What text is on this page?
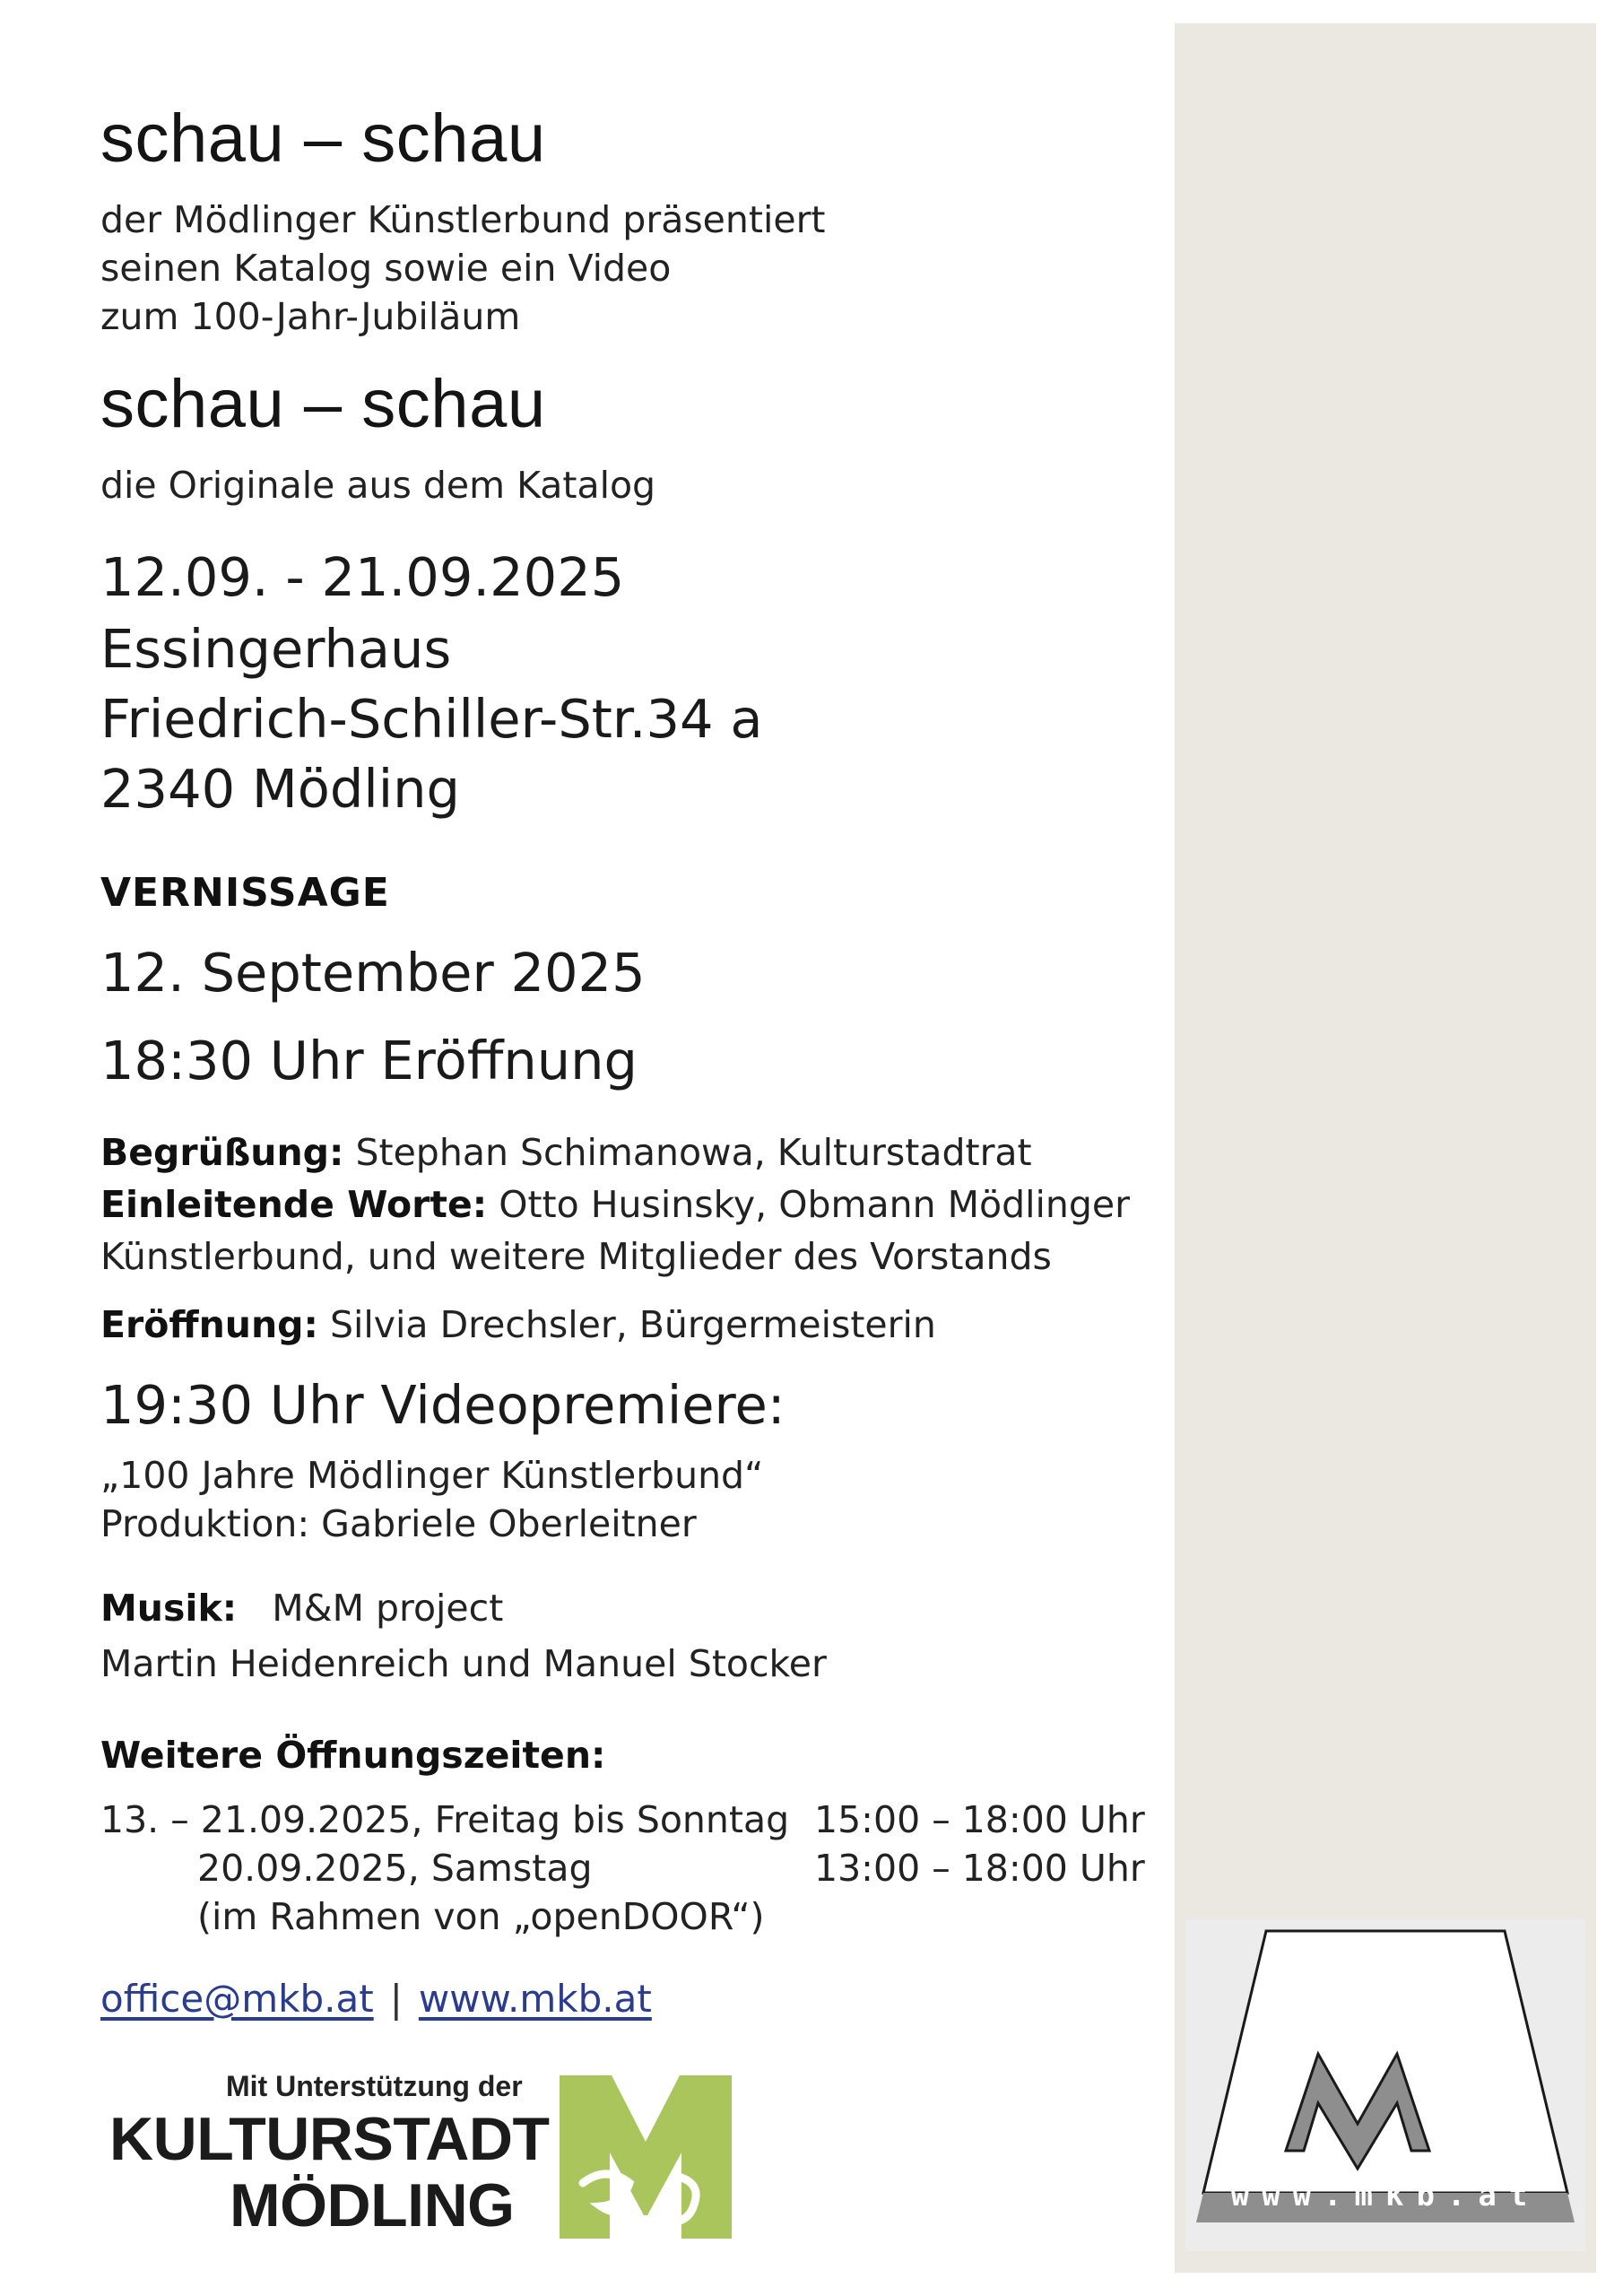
www.mkb.at
schau – schau
der Mödlinger Künstlerbund präsentiert
seinen Katalog sowie ein Video
zum 100-Jahr-Jubiläum
schau – schau
die Originale aus dem Katalog
12.09. - 21.09.2025
Essingerhaus
Friedrich-Schiller-Str.34 a
2340 Mödling
VERNISSAGE
12. September 2025
18:30 Uhr Eröffnung
Begrüßung: Stephan Schimanowa, Kulturstadtrat
Einleitende Worte: Otto Husinsky, Obmann Mödlinger
Künstlerbund, und weitere Mitglieder des Vorstands
Eröffnung: Silvia Drechsler, Bürgermeisterin
19:30 Uhr Videopremiere:
„100 Jahre Mödlinger Künstlerbund“
Produktion: Gabriele Oberleitner
Musik: M&M project
Martin Heidenreich und Manuel Stocker
Weitere Öffnungszeiten:
13. – 21.09.2025, Freitag bis Sonntag 15:00 – 18:00 Uhr
20.09.2025, Samstag	13:00 – 18:00 Uhr
(im Rahmen von „openDOOR“)
office@mkb.at | www.mkb.at
Mit Unterstützung der
KULTURSTADT
MÖDLING
